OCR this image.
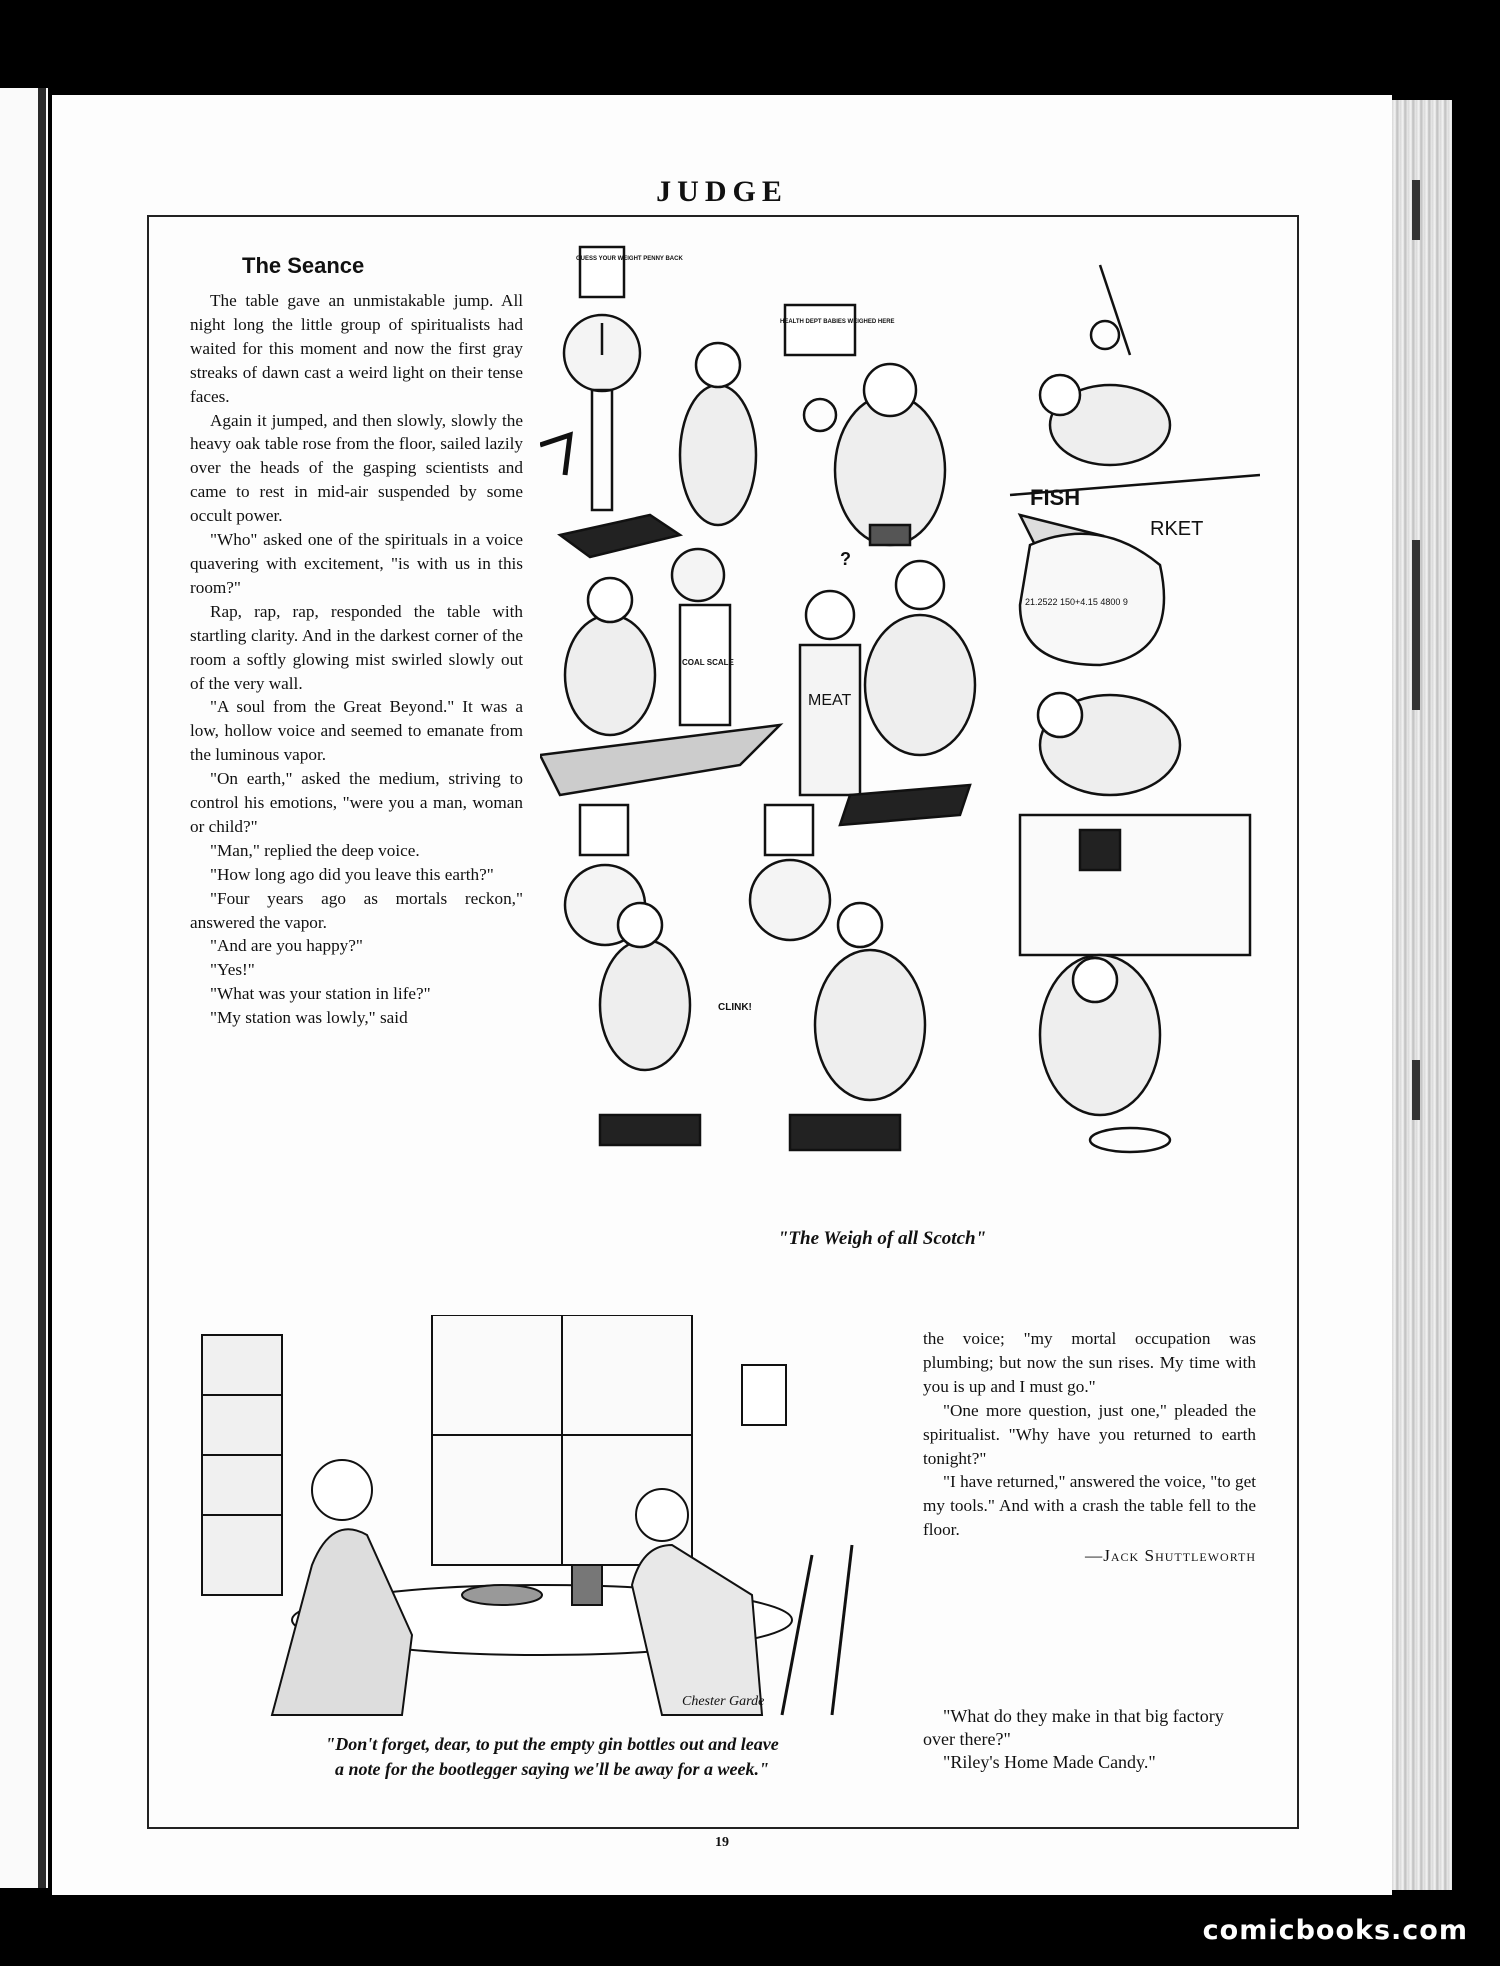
JUDGE
The Seance

The table gave an unmistakable jump. All night long the little group of spiritualists had waited for this moment and now the first gray streaks of dawn cast a weird light on their tense faces.

Again it jumped, and then slowly, slowly the heavy oak table rose from the floor, sailed lazily over the heads of the gasping scientists and came to rest in mid-air suspended by some occult power.

"Who" asked one of the spirituals in a voice quavering with excitement, "is with us in this room?"

Rap, rap, rap, responded the table with startling clarity. And in the darkest corner of the room a softly glowing mist swirled slowly out of the very wall.

"A soul from the Great Beyond." It was a low, hollow voice and seemed to emanate from the luminous vapor.

"On earth," asked the medium, striving to control his emotions, "were you a man, woman or child?"

"Man," replied the deep voice.

"How long ago did you leave this earth?"

"Four years ago as mortals reckon," answered the vapor.

"And are you happy?"

"Yes!"

"What was your station in life?"

"My station was lowly," said

GUESS YOUR WEIGHT PENNY BACK
HEALTH DEPT BABIES WEIGHED HERE
FISH
RKET
COAL SCALE
MEAT
?
CLINK!
21.2522 150+4.15 4800 9
"The Weigh of all Scotch"
Chester Garde
"Don't forget, dear, to put the empty gin bottles out and leave
a note for the bootlegger saying we'll be away for a week."

the voice; "my mortal occupation was plumbing; but now the sun rises. My time with you is up and I must go."

"One more question, just one," pleaded the spiritualist. "Why have you returned to earth tonight?"

"I have returned," answered the voice, "to get my tools." And with a crash the table fell to the floor.

—Jack Shuttleworth

"What do they make in that big factory over there?"

"Riley's Home Made Candy."

19
comicbooks.com
